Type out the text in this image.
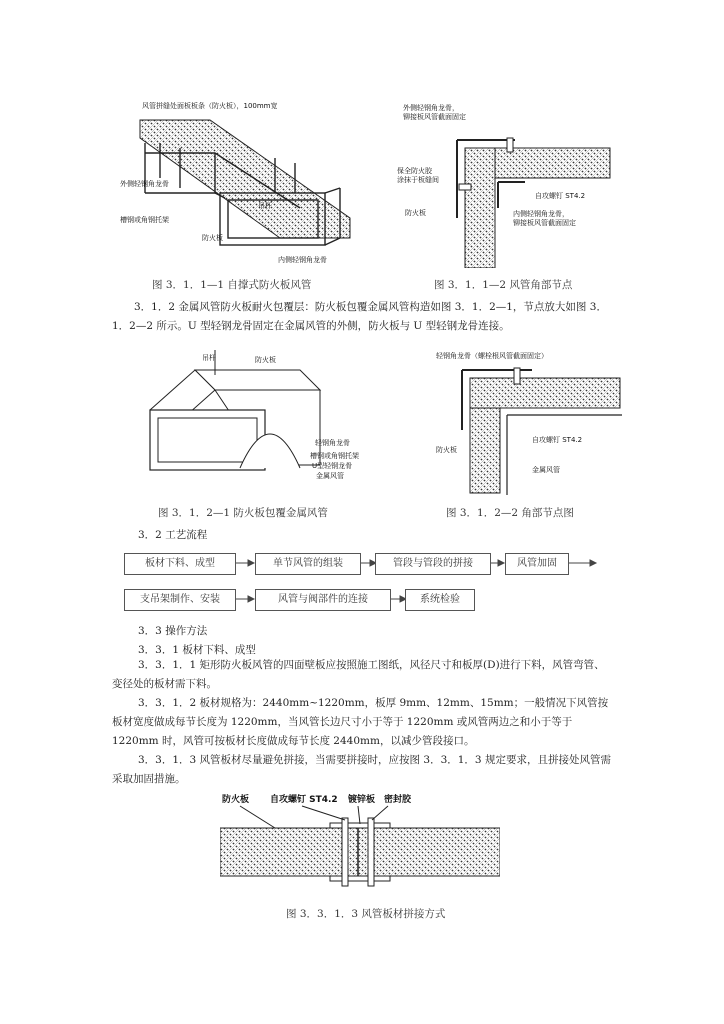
风管拼缝处面板板条（防火板），100mm宽
外侧轻钢角龙骨
槽钢或角钢托架
吊杆
防火板
内侧轻钢角龙骨
图 3．1．1—1 自撑式防火板风管
外侧轻钢角龙骨，
铆接板风管截面固定
保全防火胶
涂抹于板缝间
自攻螺钉 ST4.2
防火板	内侧轻钢角龙骨，
铆接板风管截面固定
图 3．1．1—2 风管角部节点
3．1．2 金属风管防火板耐火包覆层：防火板包覆金属风管构造如图 3．1．2—1，节点放大如图 3．1．2—2 所示。U 型轻钢龙骨固定在金属风管的外侧，防火板与 U 型轻钢龙骨连接。
吊杆	防火板
轻钢角龙骨
槽钢或角钢托架
U型轻钢龙骨
金属风管
图 3．1．2—1 防火板包覆金属风管
轻钢角龙骨（螺栓根风管截面固定）
自攻螺钉 ST4.2
防火板
金属风管
图 3．1．2—2 角部节点图
3．2 工艺流程
板材下料、成型	单节风管的组装	管段与管段的拼接	风管加固
支吊架制作、安装	风管与阀部件的连接	系统检验
3．3 操作方法
3．3．1 板材下料、成型
3．3．1．1 矩形防火板风管的四面壁板应按照施工图纸，风径尺寸和板厚(D)进行下料，风管弯管、变径处的板材需下料。
3．3．1．2 板材规格为：2440mm~1220mm，板厚 9mm、12mm、15mm；一般情况下风管按板材宽度做成每节长度为 1220mm，当风管长边尺寸小于等于 1220mm 或风管两边之和小于等于 1220mm 时，风管可按板材长度做成每节长度 2440mm，以减少管段接口。
3．3．1．3 风管板材尽量避免拼接，当需要拼接时，应按图 3．3．1．3 规定要求，且拼接处风管需采取加固措施。
防火板 自攻螺钉 ST4.2 镀锌板 密封胶
图 3．3．1．3 风管板材拼接方式
